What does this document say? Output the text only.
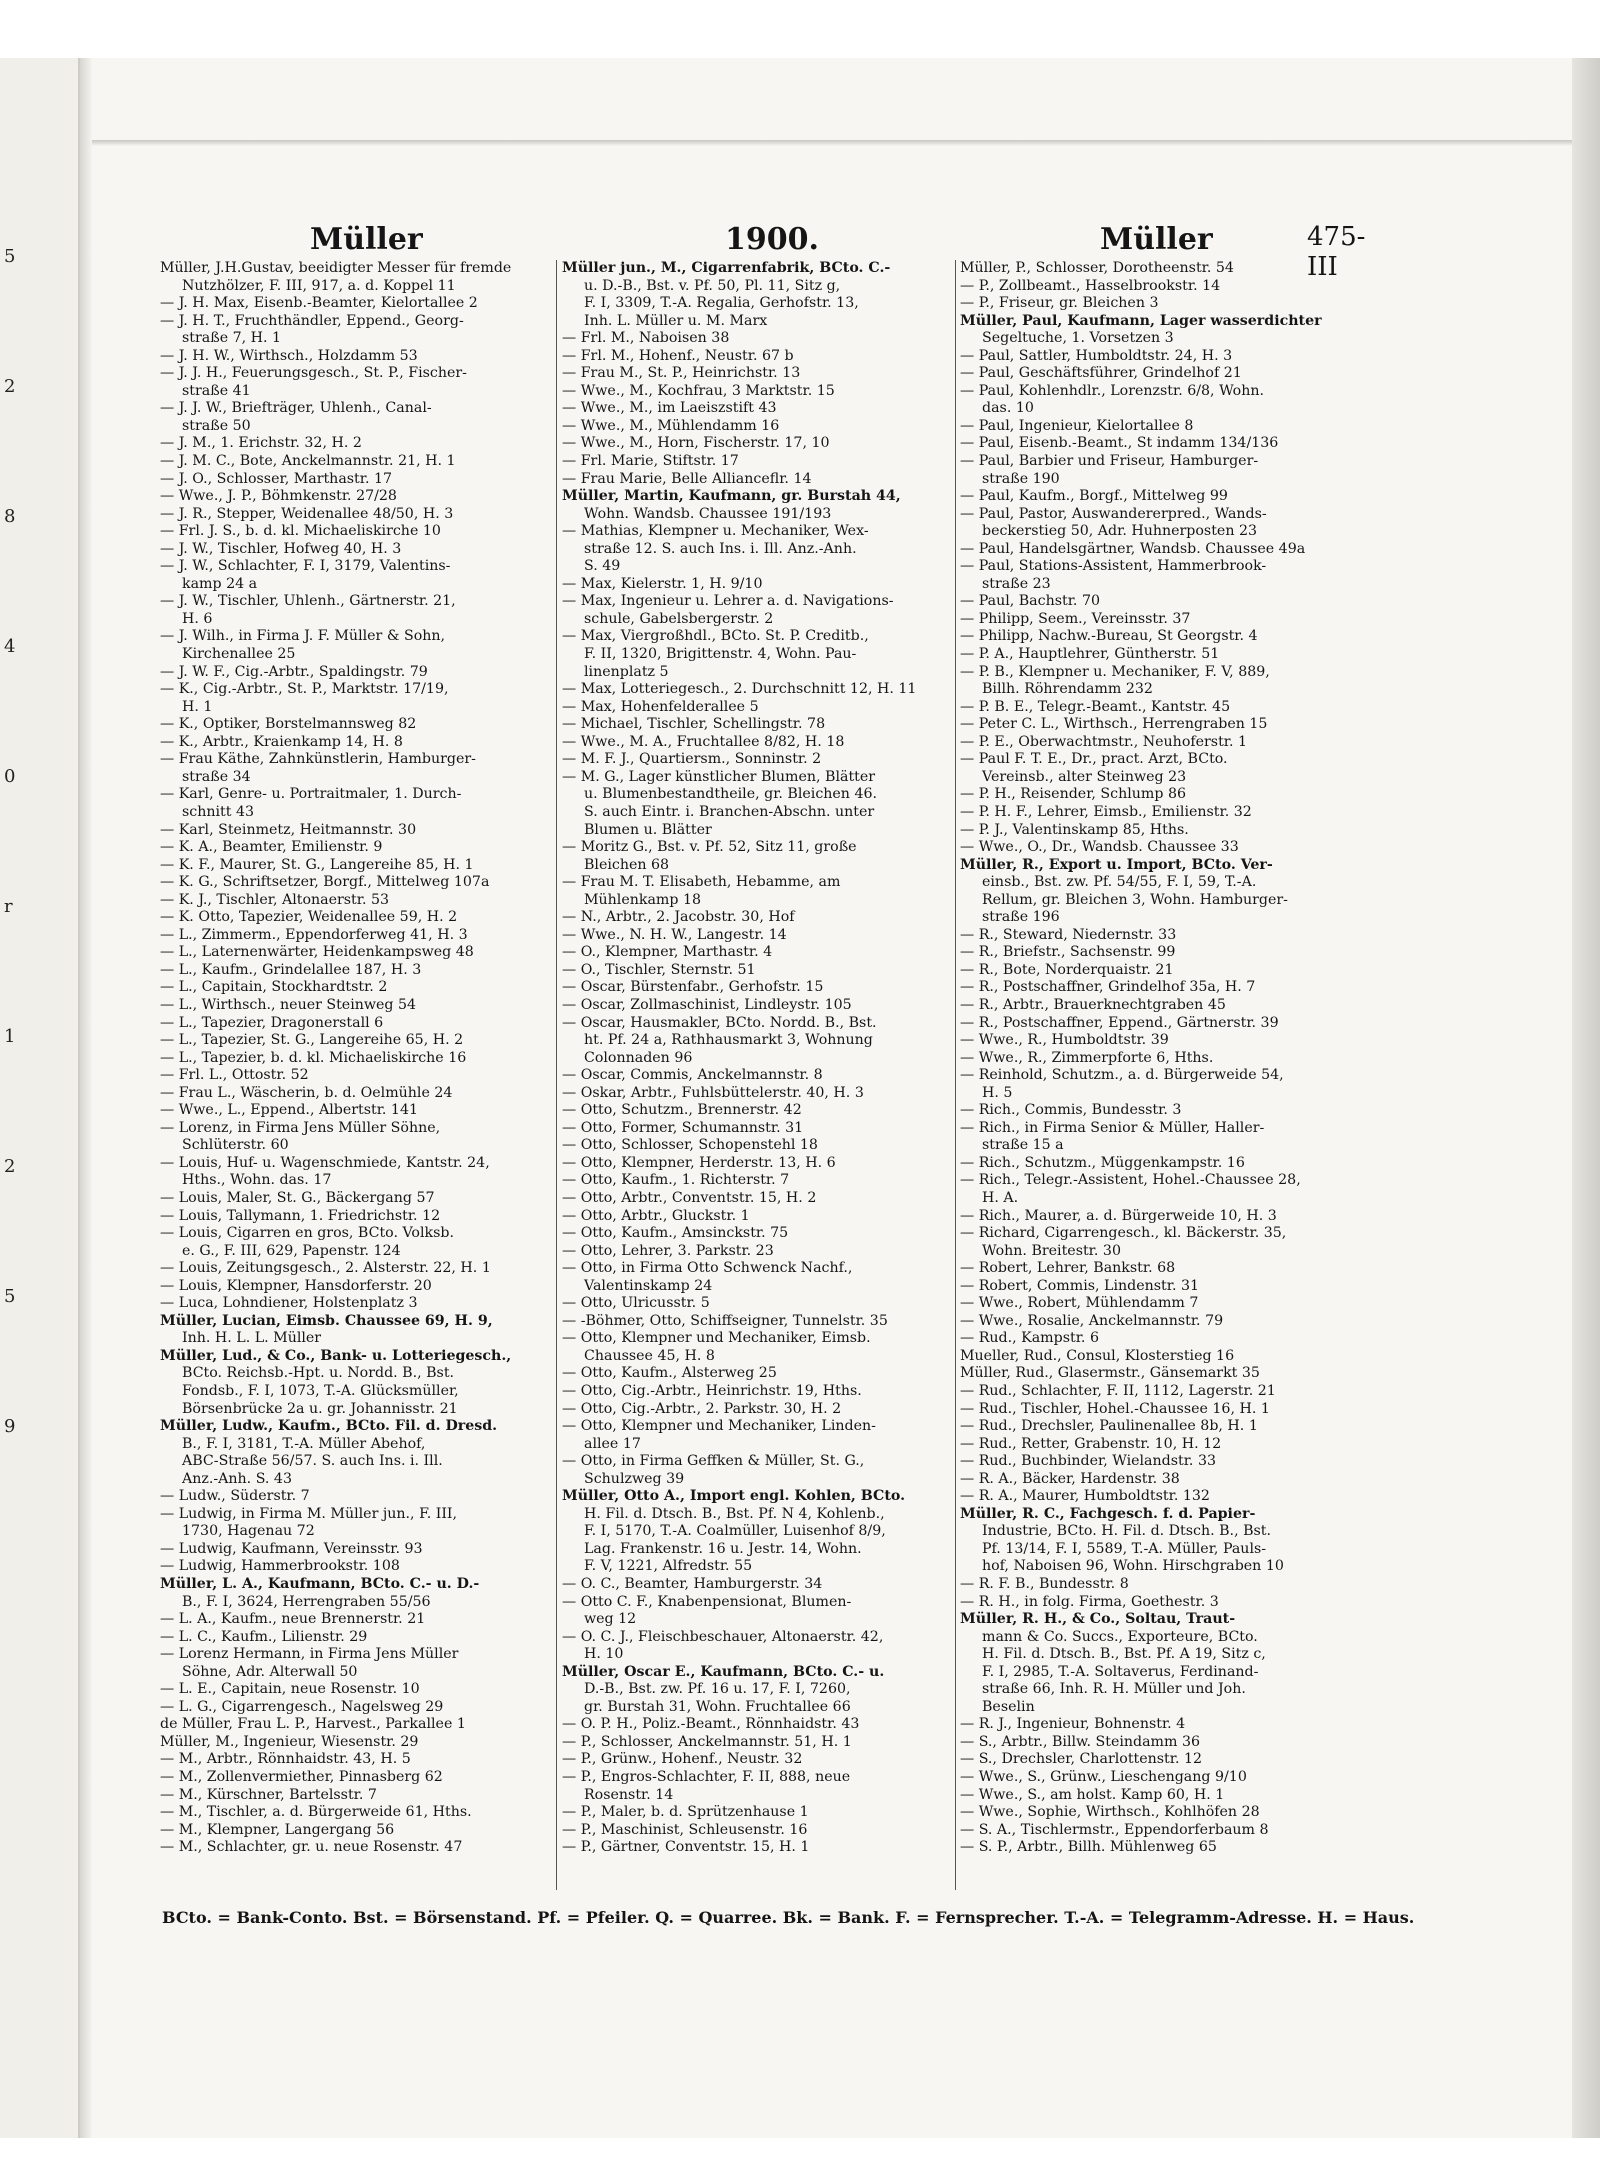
5
2
8
4
0
r
1
2
5
9
Müller	1900.	Müller	475-III
Müller, J.H.Gustav, beeidigter Messer für fremde
Nutzhölzer, F. III, 917, a. d. Koppel 11
— J. H. Max, Eisenb.-Beamter, Kielortallee 2
— J. H. T., Fruchthändler, Eppend., Georg-
straße 7, H. 1
— J. H. W., Wirthsch., Holzdamm 53
— J. J. H., Feuerungsgesch., St. P., Fischer-
straße 41
— J. J. W., Briefträger, Uhlenh., Canal-
straße 50
— J. M., 1. Erichstr. 32, H. 2
— J. M. C., Bote, Anckelmannstr. 21, H. 1
— J. O., Schlosser, Marthastr. 17
— Wwe., J. P., Böhmkenstr. 27/28
— J. R., Stepper, Weidenallee 48/50, H. 3
— Frl. J. S., b. d. kl. Michaeliskirche 10
— J. W., Tischler, Hofweg 40, H. 3
— J. W., Schlachter, F. I, 3179, Valentins-
kamp 24 a
— J. W., Tischler, Uhlenh., Gärtnerstr. 21,
H. 6
— J. Wilh., in Firma J. F. Müller & Sohn,
Kirchenallee 25
— J. W. F., Cig.-Arbtr., Spaldingstr. 79
— K., Cig.-Arbtr., St. P., Marktstr. 17/19,
H. 1
— K., Optiker, Borstelmannsweg 82
— K., Arbtr., Kraienkamp 14, H. 8
— Frau Käthe, Zahnkünstlerin, Hamburger-
straße 34
— Karl, Genre- u. Portraitmaler, 1. Durch-
schnitt 43
— Karl, Steinmetz, Heitmannstr. 30
— K. A., Beamter, Emilienstr. 9
— K. F., Maurer, St. G., Langereihe 85, H. 1
— K. G., Schriftsetzer, Borgf., Mittelweg 107a
— K. J., Tischler, Altonaerstr. 53
— K. Otto, Tapezier, Weidenallee 59, H. 2
— L., Zimmerm., Eppendorferweg 41, H. 3
— L., Laternenwärter, Heidenkampsweg 48
— L., Kaufm., Grindelallee 187, H. 3
— L., Capitain, Stockhardtstr. 2
— L., Wirthsch., neuer Steinweg 54
— L., Tapezier, Dragonerstall 6
— L., Tapezier, St. G., Langereihe 65, H. 2
— L., Tapezier, b. d. kl. Michaeliskirche 16
— Frl. L., Ottostr. 52
— Frau L., Wäscherin, b. d. Oelmühle 24
— Wwe., L., Eppend., Albertstr. 141
— Lorenz, in Firma Jens Müller Söhne,
Schlüterstr. 60
— Louis, Huf- u. Wagenschmiede, Kantstr. 24,
Hths., Wohn. das. 17
— Louis, Maler, St. G., Bäckergang 57
— Louis, Tallymann, 1. Friedrichstr. 12
— Louis, Cigarren en gros, BCto. Volksb.
e. G., F. III, 629, Papenstr. 124
— Louis, Zeitungsgesch., 2. Alsterstr. 22, H. 1
— Louis, Klempner, Hansdorferstr. 20
— Luca, Lohndiener, Holstenplatz 3
Müller, Lucian, Eimsb. Chaussee 69, H. 9,
Inh. H. L. L. Müller
Müller, Lud., & Co., Bank- u. Lotteriegesch.,
BCto. Reichsb.-Hpt. u. Nordd. B., Bst.
Fondsb., F. I, 1073, T.-A. Glücksmüller,
Börsenbrücke 2a u. gr. Johannisstr. 21
Müller, Ludw., Kaufm., BCto. Fil. d. Dresd.
B., F. I, 3181, T.-A. Müller Abehof,
ABC-Straße 56/57. S. auch Ins. i. Ill.
Anz.-Anh. S. 43
— Ludw., Süderstr. 7
— Ludwig, in Firma M. Müller jun., F. III,
1730, Hagenau 72
— Ludwig, Kaufmann, Vereinsstr. 93
— Ludwig, Hammerbrookstr. 108
Müller, L. A., Kaufmann, BCto. C.- u. D.-
B., F. I, 3624, Herrengraben 55/56
— L. A., Kaufm., neue Brennerstr. 21
— L. C., Kaufm., Lilienstr. 29
— Lorenz Hermann, in Firma Jens Müller
Söhne, Adr. Alterwall 50
— L. E., Capitain, neue Rosenstr. 10
— L. G., Cigarrengesch., Nagelsweg 29
de Müller, Frau L. P., Harvest., Parkallee 1
Müller, M., Ingenieur, Wiesenstr. 29
— M., Arbtr., Rönnhaidstr. 43, H. 5
— M., Zollenvermiether, Pinnasberg 62
— M., Kürschner, Bartelsstr. 7
— M., Tischler, a. d. Bürgerweide 61, Hths.
— M., Klempner, Langergang 56
— M., Schlachter, gr. u. neue Rosenstr. 47
Müller jun., M., Cigarrenfabrik, BCto. C.-
u. D.-B., Bst. v. Pf. 50, Pl. 11, Sitz g,
F. I, 3309, T.-A. Regalia, Gerhofstr. 13,
Inh. L. Müller u. M. Marx
— Frl. M., Naboisen 38
— Frl. M., Hohenf., Neustr. 67 b
— Frau M., St. P., Heinrichstr. 13
— Wwe., M., Kochfrau, 3 Marktstr. 15
— Wwe., M., im Laeiszstift 43
— Wwe., M., Mühlendamm 16
— Wwe., M., Horn, Fischerstr. 17, 10
— Frl. Marie, Stiftstr. 17
— Frau Marie, Belle Allianceflr. 14
Müller, Martin, Kaufmann, gr. Burstah 44,
Wohn. Wandsb. Chaussee 191/193
— Mathias, Klempner u. Mechaniker, Wex-
straße 12. S. auch Ins. i. Ill. Anz.-Anh.
S. 49
— Max, Kielerstr. 1, H. 9/10
— Max, Ingenieur u. Lehrer a. d. Navigations-
schule, Gabelsbergerstr. 2
— Max, Viergroßhdl., BCto. St. P. Creditb.,
F. II, 1320, Brigittenstr. 4, Wohn. Pau-
linenplatz 5
— Max, Lotteriegesch., 2. Durchschnitt 12, H. 11
— Max, Hohenfelderallee 5
— Michael, Tischler, Schellingstr. 78
— Wwe., M. A., Fruchtallee 8/82, H. 18
— M. F. J., Quartiersm., Sonninstr. 2
— M. G., Lager künstlicher Blumen, Blätter
u. Blumenbestandtheile, gr. Bleichen 46.
S. auch Eintr. i. Branchen-Abschn. unter
Blumen u. Blätter
— Moritz G., Bst. v. Pf. 52, Sitz 11, große
Bleichen 68
— Frau M. T. Elisabeth, Hebamme, am
Mühlenkamp 18
— N., Arbtr., 2. Jacobstr. 30, Hof
— Wwe., N. H. W., Langestr. 14
— O., Klempner, Marthastr. 4
— O., Tischler, Sternstr. 51
— Oscar, Bürstenfabr., Gerhofstr. 15
— Oscar, Zollmaschinist, Lindleystr. 105
— Oscar, Hausmakler, BCto. Nordd. B., Bst.
ht. Pf. 24 a, Rathhausmarkt 3, Wohnung
Colonnaden 96
— Oscar, Commis, Anckelmannstr. 8
— Oskar, Arbtr., Fuhlsbüttelerstr. 40, H. 3
— Otto, Schutzm., Brennerstr. 42
— Otto, Former, Schumannstr. 31
— Otto, Schlosser, Schopenstehl 18
— Otto, Klempner, Herderstr. 13, H. 6
— Otto, Kaufm., 1. Richterstr. 7
— Otto, Arbtr., Conventstr. 15, H. 2
— Otto, Arbtr., Gluckstr. 1
— Otto, Kaufm., Amsinckstr. 75
— Otto, Lehrer, 3. Parkstr. 23
— Otto, in Firma Otto Schwenck Nachf.,
Valentinskamp 24
— Otto, Ulricusstr. 5
— -Böhmer, Otto, Schiffseigner, Tunnelstr. 35
— Otto, Klempner und Mechaniker, Eimsb.
Chaussee 45, H. 8
— Otto, Kaufm., Alsterweg 25
— Otto, Cig.-Arbtr., Heinrichstr. 19, Hths.
— Otto, Cig.-Arbtr., 2. Parkstr. 30, H. 2
— Otto, Klempner und Mechaniker, Linden-
allee 17
— Otto, in Firma Geffken & Müller, St. G.,
Schulzweg 39
Müller, Otto A., Import engl. Kohlen, BCto.
H. Fil. d. Dtsch. B., Bst. Pf. N 4, Kohlenb.,
F. I, 5170, T.-A. Coalmüller, Luisenhof 8/9,
Lag. Frankenstr. 16 u. Jestr. 14, Wohn.
F. V, 1221, Alfredstr. 55
— O. C., Beamter, Hamburgerstr. 34
— Otto C. F., Knabenpensionat, Blumen-
weg 12
— O. C. J., Fleischbeschauer, Altonaerstr. 42,
H. 10
Müller, Oscar E., Kaufmann, BCto. C.- u.
D.-B., Bst. zw. Pf. 16 u. 17, F. I, 7260,
gr. Burstah 31, Wohn. Fruchtallee 66
— O. P. H., Poliz.-Beamt., Rönnhaidstr. 43
— P., Schlosser, Anckelmannstr. 51, H. 1
— P., Grünw., Hohenf., Neustr. 32
— P., Engros-Schlachter, F. II, 888, neue
Rosenstr. 14
— P., Maler, b. d. Sprützenhause 1
— P., Maschinist, Schleusenstr. 16
— P., Gärtner, Conventstr. 15, H. 1
Müller, P., Schlosser, Dorotheenstr. 54
— P., Zollbeamt., Hasselbrookstr. 14
— P., Friseur, gr. Bleichen 3
Müller, Paul, Kaufmann, Lager wasserdichter
Segeltuche, 1. Vorsetzen 3
— Paul, Sattler, Humboldtstr. 24, H. 3
— Paul, Geschäftsführer, Grindelhof 21
— Paul, Kohlenhdlr., Lorenzstr. 6/8, Wohn.
das. 10
— Paul, Ingenieur, Kielortallee 8
— Paul, Eisenb.-Beamt., St indamm 134/136
— Paul, Barbier und Friseur, Hamburger-
straße 190
— Paul, Kaufm., Borgf., Mittelweg 99
— Paul, Pastor, Auswandererpred., Wands-
beckerstieg 50, Adr. Huhnerposten 23
— Paul, Handelsgärtner, Wandsb. Chaussee 49a
— Paul, Stations-Assistent, Hammerbrook-
straße 23
— Paul, Bachstr. 70
— Philipp, Seem., Vereinsstr. 37
— Philipp, Nachw.-Bureau, St Georgstr. 4
— P. A., Hauptlehrer, Güntherstr. 51
— P. B., Klempner u. Mechaniker, F. V, 889,
Billh. Röhrendamm 232
— P. B. E., Telegr.-Beamt., Kantstr. 45
— Peter C. L., Wirthsch., Herrengraben 15
— P. E., Oberwachtmstr., Neuhoferstr. 1
— Paul F. T. E., Dr., pract. Arzt, BCto.
Vereinsb., alter Steinweg 23
— P. H., Reisender, Schlump 86
— P. H. F., Lehrer, Eimsb., Emilienstr. 32
— P. J., Valentinskamp 85, Hths.
— Wwe., O., Dr., Wandsb. Chaussee 33
Müller, R., Export u. Import, BCto. Ver-
einsb., Bst. zw. Pf. 54/55, F. I, 59, T.-A.
Rellum, gr. Bleichen 3, Wohn. Hamburger-
straße 196
— R., Steward, Niedernstr. 33
— R., Briefstr., Sachsenstr. 99
— R., Bote, Norderquaistr. 21
— R., Postschaffner, Grindelhof 35a, H. 7
— R., Arbtr., Brauerknechtgraben 45
— R., Postschaffner, Eppend., Gärtnerstr. 39
— Wwe., R., Humboldtstr. 39
— Wwe., R., Zimmerpforte 6, Hths.
— Reinhold, Schutzm., a. d. Bürgerweide 54,
H. 5
— Rich., Commis, Bundesstr. 3
— Rich., in Firma Senior & Müller, Haller-
straße 15 a
— Rich., Schutzm., Müggenkampstr. 16
— Rich., Telegr.-Assistent, Hohel.-Chaussee 28,
H. A.
— Rich., Maurer, a. d. Bürgerweide 10, H. 3
— Richard, Cigarrengesch., kl. Bäckerstr. 35,
Wohn. Breitestr. 30
— Robert, Lehrer, Bankstr. 68
— Robert, Commis, Lindenstr. 31
— Wwe., Robert, Mühlendamm 7
— Wwe., Rosalie, Anckelmannstr. 79
— Rud., Kampstr. 6
Mueller, Rud., Consul, Klosterstieg 16
Müller, Rud., Glasermstr., Gänsemarkt 35
— Rud., Schlachter, F. II, 1112, Lagerstr. 21
— Rud., Tischler, Hohel.-Chaussee 16, H. 1
— Rud., Drechsler, Paulinenallee 8b, H. 1
— Rud., Retter, Grabenstr. 10, H. 12
— Rud., Buchbinder, Wielandstr. 33
— R. A., Bäcker, Hardenstr. 38
— R. A., Maurer, Humboldtstr. 132
Müller, R. C., Fachgesch. f. d. Papier-
Industrie, BCto. H. Fil. d. Dtsch. B., Bst.
Pf. 13/14, F. I, 5589, T.-A. Müller, Pauls-
hof, Naboisen 96, Wohn. Hirschgraben 10
— R. F. B., Bundesstr. 8
— R. H., in folg. Firma, Goethestr. 3
Müller, R. H., & Co., Soltau, Traut-
mann & Co. Succs., Exporteure, BCto.
H. Fil. d. Dtsch. B., Bst. Pf. A 19, Sitz c,
F. I, 2985, T.-A. Soltaverus, Ferdinand-
straße 66, Inh. R. H. Müller und Joh.
Beselin
— R. J., Ingenieur, Bohnenstr. 4
— S., Arbtr., Billw. Steindamm 36
— S., Drechsler, Charlottenstr. 12
— Wwe., S., Grünw., Lieschengang 9/10
— Wwe., S., am holst. Kamp 60, H. 1
— Wwe., Sophie, Wirthsch., Kohlhöfen 28
— S. A., Tischlermstr., Eppendorferbaum 8
— S. P., Arbtr., Billh. Mühlenweg 65
BCto. = Bank-Conto. Bst. = Börsenstand. Pf. = Pfeiler. Q. = Quarree. Bk. = Bank. F. = Fernsprecher. T.-A. = Telegramm-Adresse. H. = Haus.
